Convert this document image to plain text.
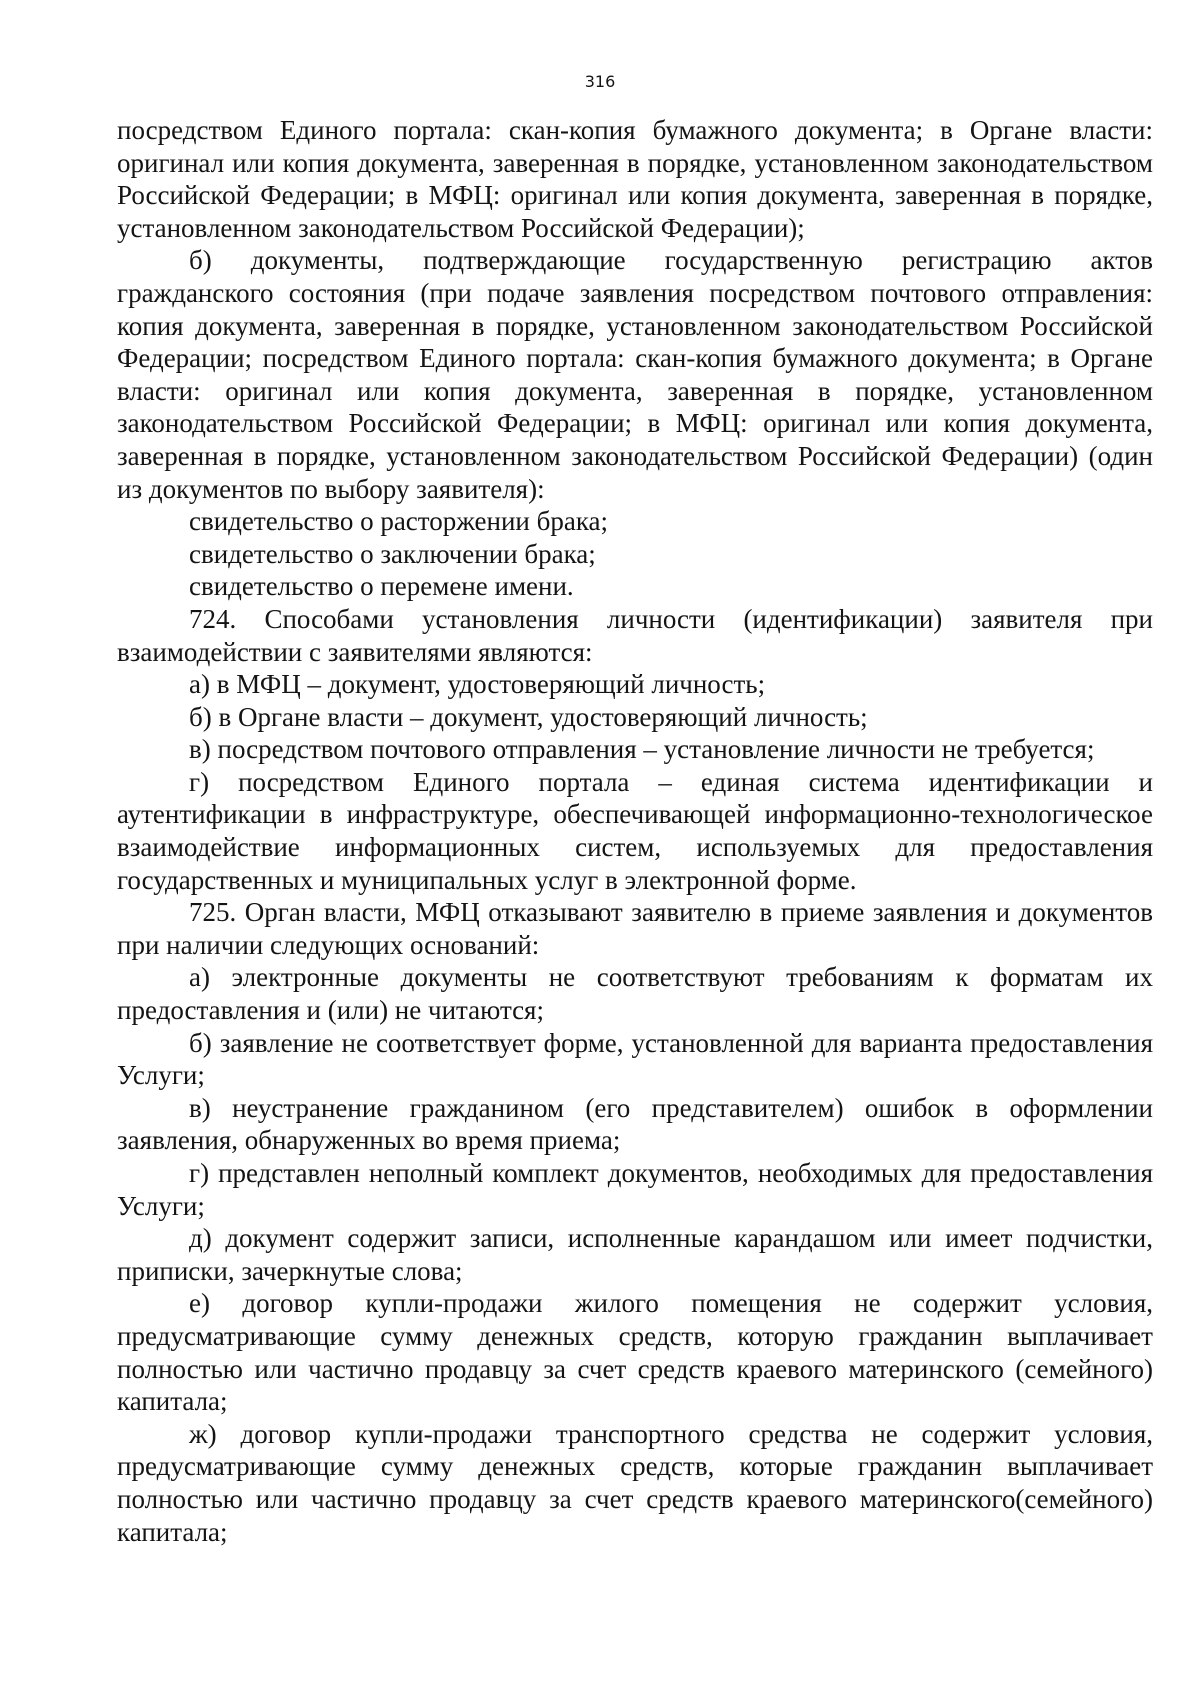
316

посредством Единого портала: скан-копия бумажного документа; в Органе власти: оригинал или копия документа, заверенная в порядке, установленном законодательством Российской Федерации; в МФЦ: оригинал или копия документа, заверенная в порядке, установленном законодательством Российской Федерации);

б) документы, подтверждающие государственную регистрацию актов гражданского состояния (при подаче заявления посредством почтового отправления: копия документа, заверенная в порядке, установленном законодательством Российской Федерации; посредством Единого портала: скан-копия бумажного документа; в Органе власти: оригинал или копия документа, заверенная в порядке, установленном законодательством Российской Федерации; в МФЦ: оригинал или копия документа, заверенная в порядке, установленном законодательством Российской Федерации) (один из документов по выбору заявителя):

свидетельство о расторжении брака;

свидетельство о заключении брака;

свидетельство о перемене имени.

724. Способами установления личности (идентификации) заявителя при взаимодействии с заявителями являются:

а) в МФЦ – документ, удостоверяющий личность;

б) в Органе власти – документ, удостоверяющий личность;

в) посредством почтового отправления – установление личности не требуется;

г) посредством Единого портала – единая система идентификации и аутентификации в инфраструктуре, обеспечивающей информационно-технологическое взаимодействие информационных систем, используемых для предоставления государственных и муниципальных услуг в электронной форме.

725. Орган власти, МФЦ отказывают заявителю в приеме заявления и документов при наличии следующих оснований:

а) электронные документы не соответствуют требованиям к форматам их предоставления и (или) не читаются;

б) заявление не соответствует форме, установленной для варианта предоставления Услуги;

в) неустранение гражданином (его представителем) ошибок в оформлении заявления, обнаруженных во время приема;

г) представлен неполный комплект документов, необходимых для предоставления Услуги;

д) документ содержит записи, исполненные карандашом или имеет подчистки, приписки, зачеркнутые слова;

е) договор купли-продажи жилого помещения не содержит условия, предусматривающие сумму денежных средств, которую гражданин выплачивает полностью или частично продавцу за счет средств краевого материнского (семейного) капитала;

ж) договор купли-продажи транспортного средства не содержит условия, предусматривающие сумму денежных средств, которые гражданин выплачивает полностью или частично продавцу за счет средств краевого материнского(семейного) капитала;
